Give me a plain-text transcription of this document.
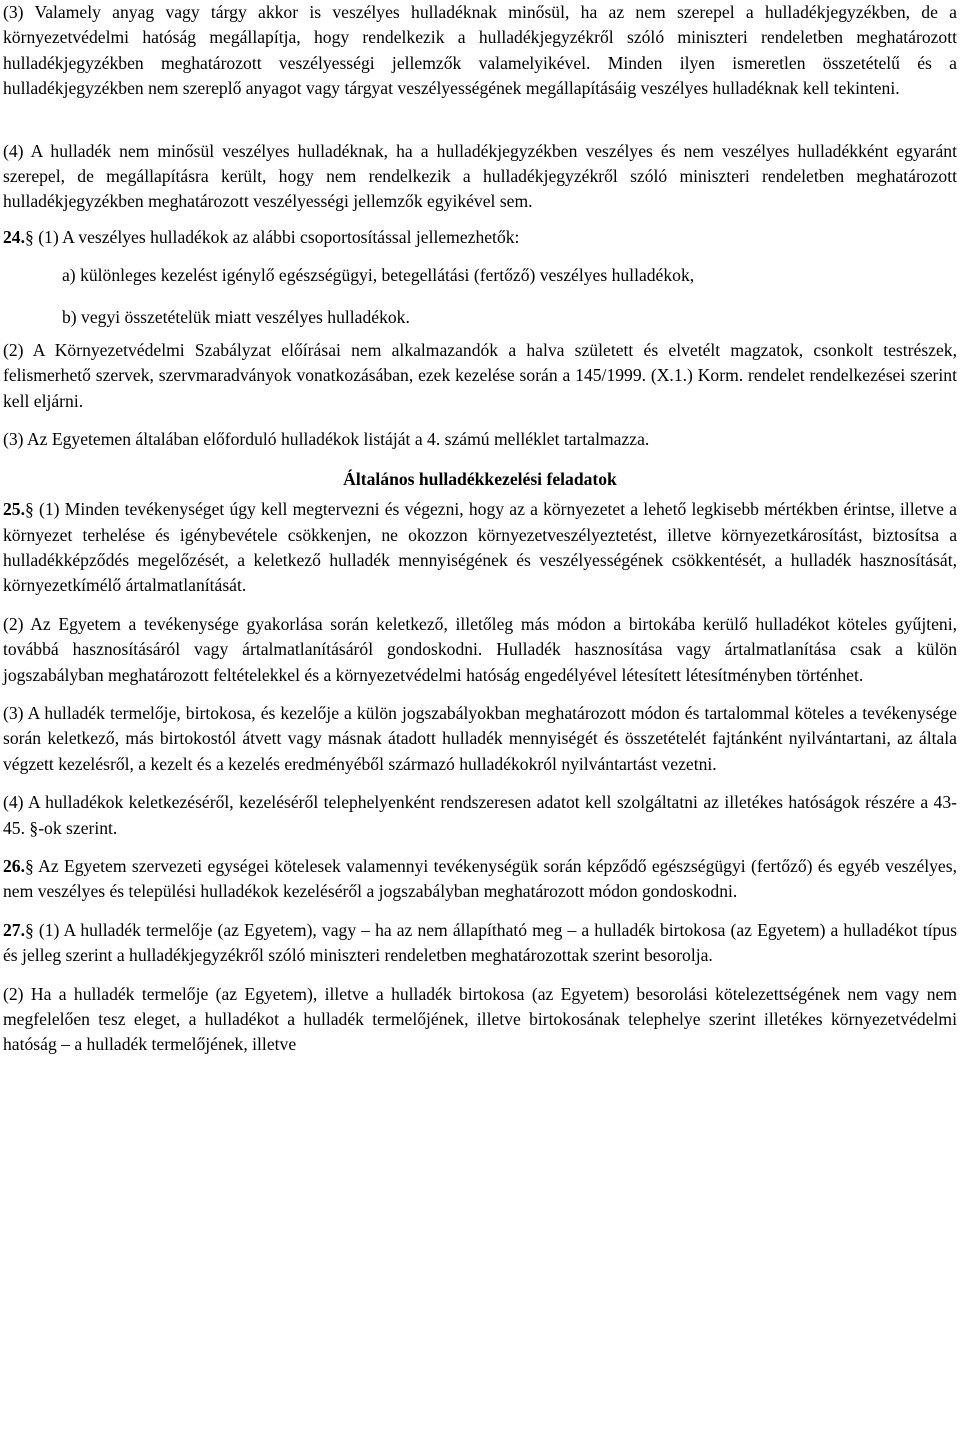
(3) Valamely anyag vagy tárgy akkor is veszélyes hulladéknak minősül, ha az nem szerepel a hulladékjegyzékben, de a környezetvédelmi hatóság megállapítja, hogy rendelkezik a hulladékjegyzékről szóló miniszteri rendeletben meghatározott hulladékjegyzékben meghatározott veszélyességi jellemzők valamelyikével. Minden ilyen ismeretlen összetételű és a hulladékjegyzékben nem szereplő anyagot vagy tárgyat veszélyességének megállapításáig veszélyes hulladéknak kell tekinteni.

(4) A hulladék nem minősül veszélyes hulladéknak, ha a hulladékjegyzékben veszélyes és nem veszélyes hulladékként egyaránt szerepel, de megállapításra került, hogy nem rendelkezik a hulladékjegyzékről szóló miniszteri rendeletben meghatározott hulladékjegyzékben meghatározott veszélyességi jellemzők egyikével sem.

24.§ (1) A veszélyes hulladékok az alábbi csoportosítással jellemezhetők:

a) különleges kezelést igénylő egészségügyi, betegellátási (fertőző) veszélyes hulladékok,

b) vegyi összetételük miatt veszélyes hulladékok.

(2) A Környezetvédelmi Szabályzat előírásai nem alkalmazandók a halva született és elvetélt magzatok, csonkolt testrészek, felismerhető szervek, szervmaradványok vonatkozásában, ezek kezelése során a 145/1999. (X.1.) Korm. rendelet rendelkezései szerint kell eljárni.

(3) Az Egyetemen általában előforduló hulladékok listáját a 4. számú melléklet tartalmazza.

Általános hulladékkezelési feladatok

25.§ (1) Minden tevékenységet úgy kell megtervezni és végezni, hogy az a környezetet a lehető legkisebb mértékben érintse, illetve a környezet terhelése és igénybevétele csökkenjen, ne okozzon környezetveszélyeztetést, illetve környezetkárosítást, biztosítsa a hulladékképződés megelőzését, a keletkező hulladék mennyiségének és veszélyességének csökkentését, a hulladék hasznosítását, környezetkímélő ártalmatlanítását.

(2) Az Egyetem a tevékenysége gyakorlása során keletkező, illetőleg más módon a birtokába kerülő hulladékot köteles gyűjteni, továbbá hasznosításáról vagy ártalmatlanításáról gondoskodni. Hulladék hasznosítása vagy ártalmatlanítása csak a külön jogszabályban meghatározott feltételekkel és a környezetvédelmi hatóság engedélyével létesített létesítményben történhet.

(3) A hulladék termelője, birtokosa, és kezelője a külön jogszabályokban meghatározott módon és tartalommal köteles a tevékenysége során keletkező, más birtokostól átvett vagy másnak átadott hulladék mennyiségét és összetételét fajtánként nyilvántartani, az általa végzett kezelésről, a kezelt és a kezelés eredményéből származó hulladékokról nyilvántartást vezetni.

(4) A hulladékok keletkezéséről, kezeléséről telephelyenként rendszeresen adatot kell szolgáltatni az illetékes hatóságok részére a 43-45. §-ok szerint.

26.§ Az Egyetem szervezeti egységei kötelesek valamennyi tevékenységük során képződő egészségügyi (fertőző) és egyéb veszélyes, nem veszélyes és települési hulladékok kezeléséről a jogszabályban meghatározott módon gondoskodni.

27.§ (1) A hulladék termelője (az Egyetem), vagy – ha az nem állapítható meg – a hulladék birtokosa (az Egyetem) a hulladékot típus és jelleg szerint a hulladékjegyzékről szóló miniszteri rendeletben meghatározottak szerint besorolja.

(2) Ha a hulladék termelője (az Egyetem), illetve a hulladék birtokosa (az Egyetem) besorolási kötelezettségének nem vagy nem megfelelően tesz eleget, a hulladékot a hulladék termelőjének, illetve birtokosának telephelye szerint illetékes környezetvédelmi hatóság – a hulladék termelőjének, illetve
